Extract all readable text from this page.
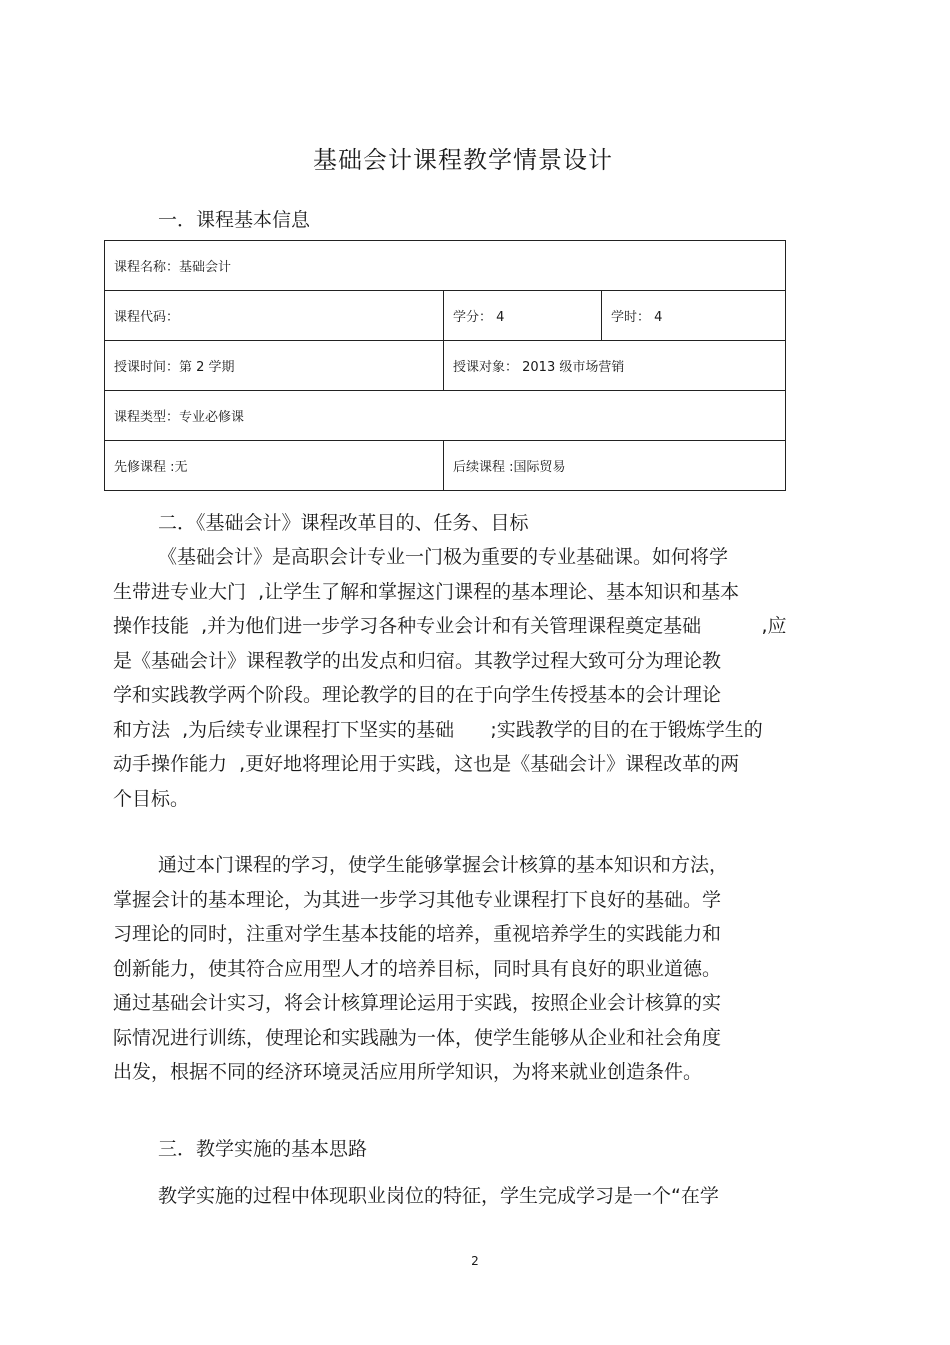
基础会计课程教学情景设计
一．课程基本信息
课程名称：基础会计		
课程代码：	学分： 4	学时： 4
授课时间：第 2 学期	授课对象： 2013 级市场营销	
课程类型：专业必修课		
先修课程 :无	后续课程 :国际贸易	
二．《基础会计》课程改革目的、任务、目标
《基础会计》是高职会计专业一门极为重要的专业基础课。如何将学
生带进专业大门  ,让学生了解和掌握这门课程的基本理论、基本知识和基本
操作技能  ,并为他们进一步学习各种专业会计和有关管理课程奠定基础          ,应
是《基础会计》课程教学的出发点和归宿。其教学过程大致可分为理论教
学和实践教学两个阶段。理论教学的目的在于向学生传授基本的会计理论
和方法  ,为后续专业课程打下坚实的基础      ;实践教学的目的在于锻炼学生的
动手操作能力  ,更好地将理论用于实践，这也是《基础会计》课程改革的两
个目标。
通过本门课程的学习，使学生能够掌握会计核算的基本知识和方法，
掌握会计的基本理论，为其进一步学习其他专业课程打下良好的基础。学
习理论的同时，注重对学生基本技能的培养，重视培养学生的实践能力和
创新能力，使其符合应用型人才的培养目标，同时具有良好的职业道德。
通过基础会计实习，将会计核算理论运用于实践，按照企业会计核算的实
际情况进行训练，使理论和实践融为一体，使学生能够从企业和社会角度
出发，根据不同的经济环境灵活应用所学知识，为将来就业创造条件。
三．教学实施的基本思路
教学实施的过程中体现职业岗位的特征，学生完成学习是一个“在学
2
